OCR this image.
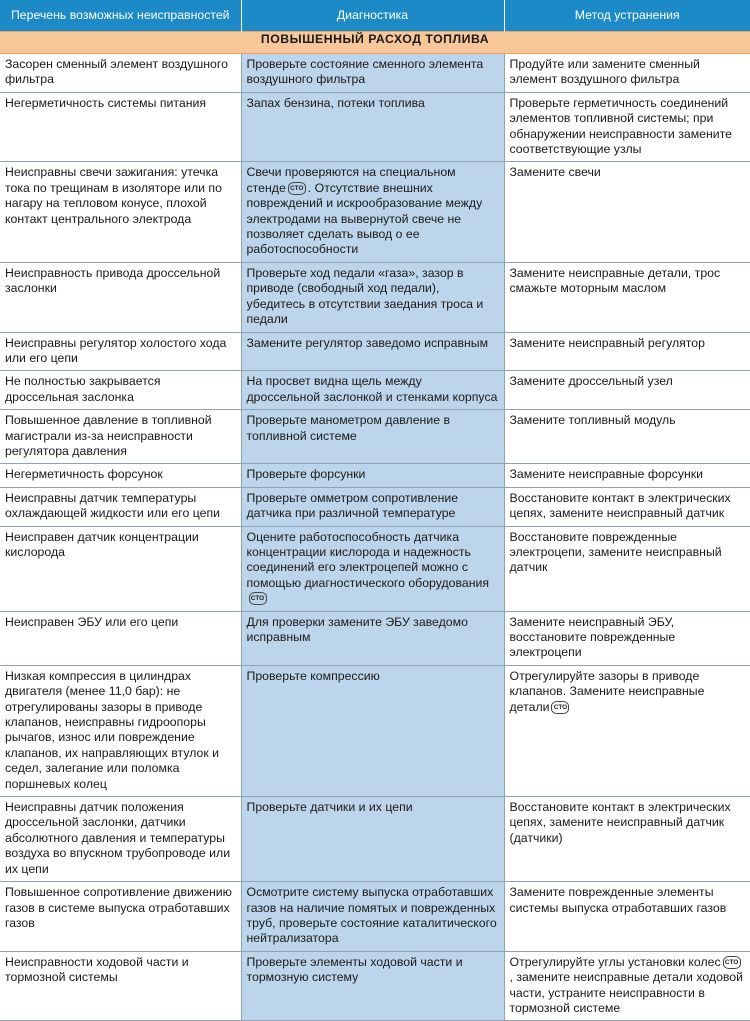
Перечень возможных неисправностей	Диагностика	Метод устранения
ПОВЫШЕННЫЙ РАСХОД ТОПЛИВА		
Засорен сменный элемент воздушного фильтра	Проверьте состояние сменного элемента воздушного фильтра	Продуйте или замените сменный элемент воздушного фильтра
Негерметичность системы питания	Запах бензина, потеки топлива	Проверьте герметичность соединений элементов топливной системы; при обнаружении неисправности замените соответствующие узлы
Неисправны свечи зажигания: утечка тока по трещинам в изоляторе или по нагару на тепловом конусе, плохой контакт центрального электрода	Свечи проверяются на специальном стенде СТО . Отсутствие внешних повреждений и искрообразование между электродами на вывернутой свече не позволяет сделать вывод о ее работоспособности	Замените свечи
Неисправность привода дроссельной заслонки	Проверьте ход педали «газа», зазор в приводе (свободный ход педали), убедитесь в отсутствии заедания троса и педали	Замените неисправные детали, трос смажьте моторным маслом
Неисправны регулятор холостого хода или его цепи	Замените регулятор заведомо исправным	Замените неисправный регулятор
Не полностью закрывается дроссельная заслонка	На просвет видна щель между дроссельной заслонкой и стенками корпуса	Замените дроссельный узел
Повышенное давление в топливной магистрали из-за неисправности регулятора давления	Проверьте манометром давление в топливной системе	Замените топливный модуль
Негерметичность форсунок	Проверьте форсунки	Замените неисправные форсунки
Неисправны датчик температуры охлаждающей жидкости или его цепи	Проверьте омметром сопротивление датчика при различной температуре	Восстановите контакт в электрических цепях, замените неисправный датчик
Неисправен датчик концентрации кислорода	Оцените работоспособность датчика концентрации кислорода и надежность соединений его электроцепей можно с помощью диагностического оборудованияСТО	Восстановите поврежденные электроцепи, замените неисправный датчик
Неисправен ЭБУ или его цепи	Для проверки замените ЭБУ заведомо исправным	Замените неисправный ЭБУ, восстановите поврежденные электроцепи
Низкая компрессия в цилиндрах двигателя (менее 11,0 бар): не отрегулированы зазоры в приводе клапанов, неисправны гидроопоры рычагов, износ или повреждение клапанов, их направляющих втулок и седел, залегание или поломка поршневых колец	Проверьте компрессию	Отрегулируйте зазоры в приводе клапанов. Замените неисправные детали СТО
Неисправны датчик положения дроссельной заслонки, датчики абсолютного давления и температуры воздуха во впускном трубопроводе или их цепи	Проверьте датчики и их цепи	Восстановите контакт в электрических цепях, замените неисправный датчик (датчики)
Повышенное сопротивление движению газов в системе выпуска отработавших газов	Осмотрите систему выпуска отработавших газов на наличие помятых и поврежденных труб, проверьте состояние каталитического нейтрализатора	Замените поврежденные элементы системы выпуска отработавших газов
Неисправности ходовой части и тормозной системы	Проверьте элементы ходовой части и тормозную систему	Отрегулируйте углы установки колес СТО, замените неисправные детали ходовой части, устраните неисправности в тормозной системе
